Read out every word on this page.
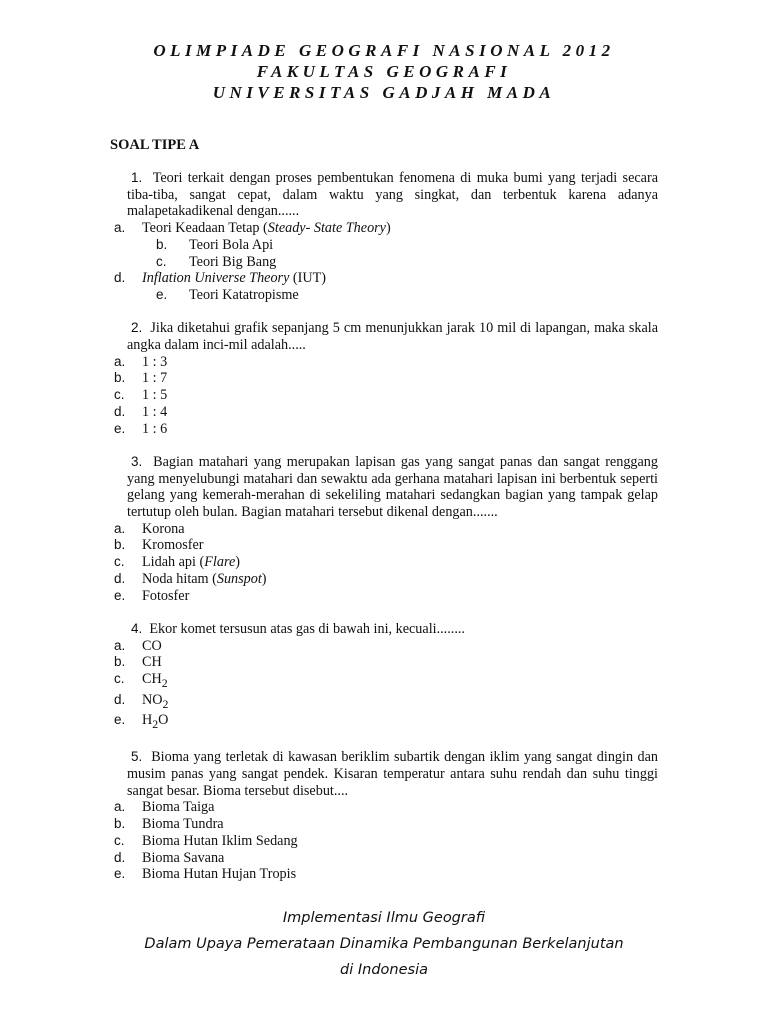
OLIMPIADE GEOGRAFI NASIONAL 2012
FAKULTAS GEOGRAFI
UNIVERSITAS GADJAH MADA
SOAL TIPE A
1. Teori terkait dengan proses pembentukan fenomena di muka bumi yang terjadi secara tiba-tiba, sangat cepat, dalam waktu yang singkat, dan terbentuk karena adanya malapetakadikenal dengan......
a.	Teori Keadaan Tetap (Steady- State Theory)
b.	Teori Bola Api
c.	Teori Big Bang
d.	Inflation Universe Theory (IUT)
e.	Teori Katatropisme
2. Jika diketahui grafik sepanjang 5 cm menunjukkan jarak 10 mil di lapangan, maka skala angka dalam inci-mil adalah.....
a.	1 : 3
b.	1 : 7
c.	1 : 5
d.	1 : 4
e.	1 : 6
3. Bagian matahari yang merupakan lapisan gas yang sangat panas dan sangat renggang yang menyelubungi matahari dan sewaktu ada gerhana matahari lapisan ini berbentuk seperti gelang yang kemerah-merahan di sekeliling matahari sedangkan bagian yang tampak gelap tertutup oleh bulan. Bagian matahari tersebut dikenal dengan.......
a.	Korona
b.	Kromosfer
c.	Lidah api (Flare)
d.	Noda hitam (Sunspot)
e.	Fotosfer
4. Ekor komet tersusun atas gas di bawah ini, kecuali........
a.	CO
b.	CH
c.	$CH_2$
d.	$NO_2$
e.	$H_2O$
5. Bioma yang terletak di kawasan beriklim subartik dengan iklim yang sangat dingin dan musim panas yang sangat pendek. Kisaran temperatur antara suhu rendah dan suhu tinggi sangat besar. Bioma tersebut disebut....
a.	Bioma Taiga
b.	Bioma Tundra
c.	Bioma Hutan Iklim Sedang
d.	Bioma Savana
e.	Bioma Hutan Hujan Tropis
Implementasi Ilmu Geografi
Dalam Upaya Pemerataan Dinamika Pembangunan Berkelanjutan
di Indonesia
